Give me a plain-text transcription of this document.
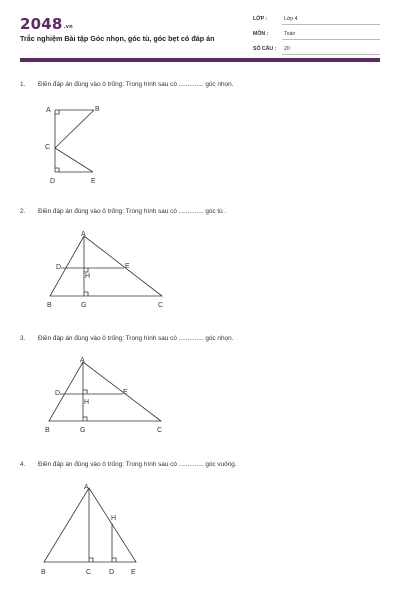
$2048^{.vn}$
Trắc nghiệm Bài tập Góc nhọn, góc tù, góc bẹt có đáp án
LỚP :	Lớp 4
MÔN :	Toán
SỐ CÂU : 20
1. Điền đáp án đúng vào ô trống: Trong hình sau có .............. góc nhọn.
A	B
C
D	E
2. Điền đáp án đúng vào ô trống: Trong hình sau có .............. góc tù .
A
D	E
H
B	G	C
3. Điền đáp án đúng vào ô trống: Trong hình sau có .............. góc nhọn.
A
D	E
H
B	G	C
4. Điền đáp án đúng vào ô trống: Trong hình sau có .............. góc vuông.
A
H
B	C	D E
